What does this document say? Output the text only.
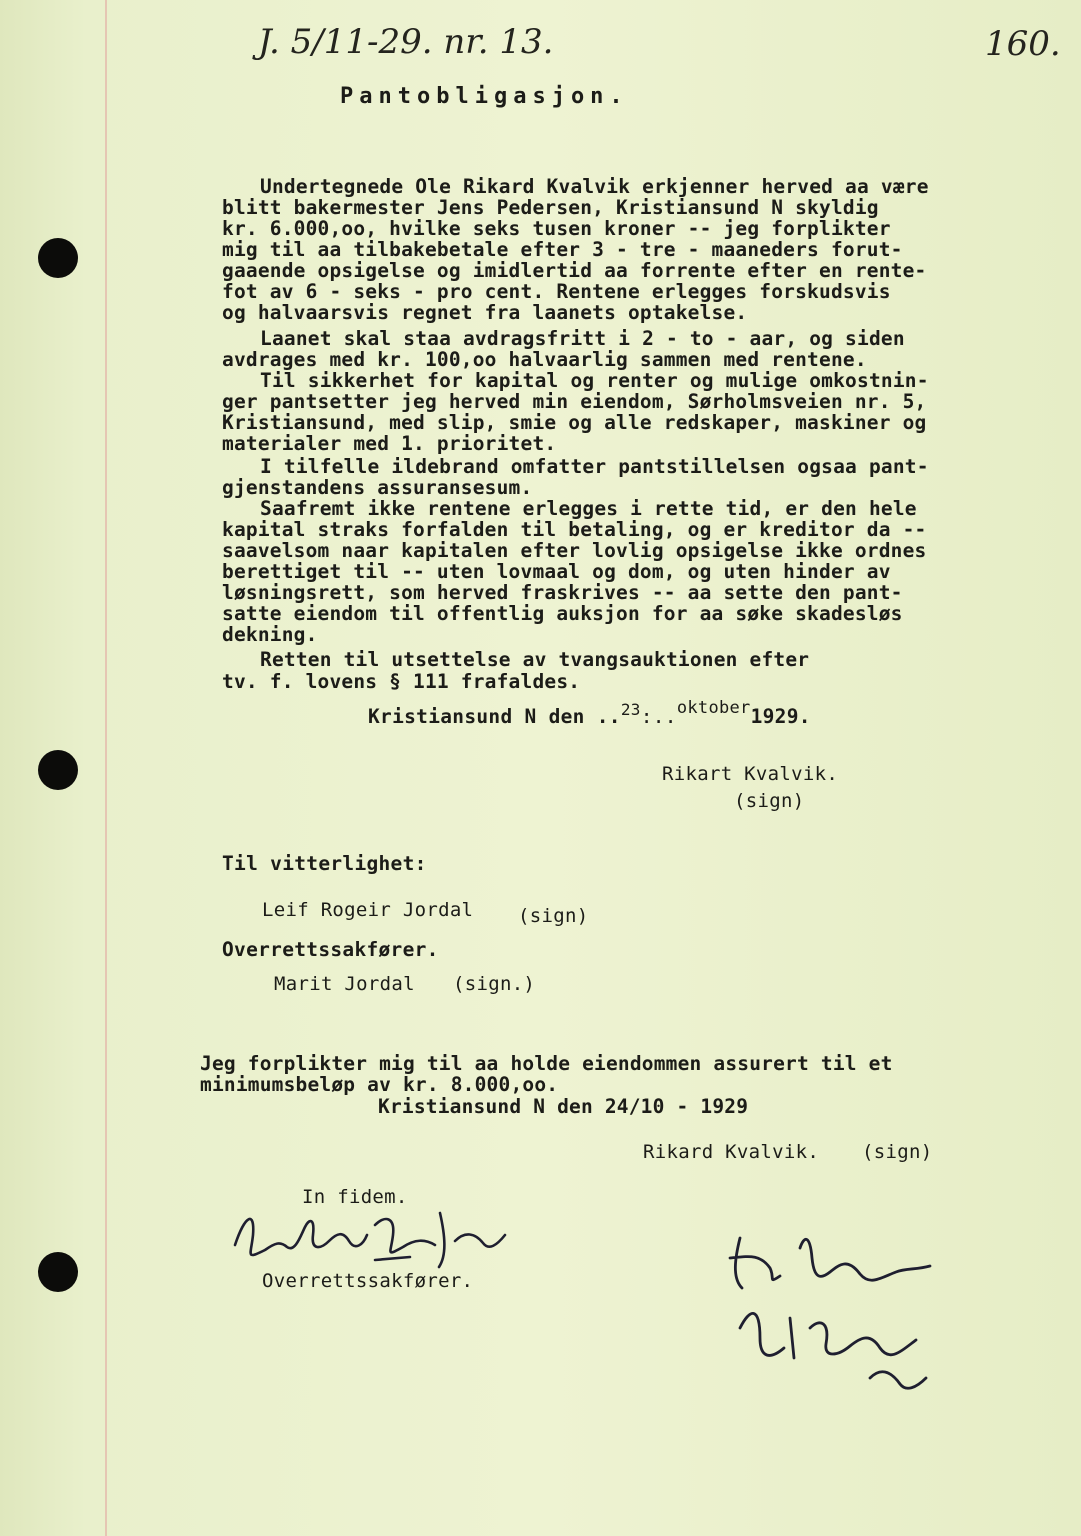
J. 5/11-29. nr. 13.	160.
Pantobligasjon.
Undertegnede Ole Rikard Kvalvik erkjenner herved aa være
blitt bakermester Jens Pedersen, Kristiansund N skyldig
kr. 6.000,oo, hvilke seks tusen kroner -- jeg forplikter
mig til aa tilbakebetale efter 3 - tre - maaneders forut-
gaaende opsigelse og imidlertid aa forrente efter en rente-
fot av 6 - seks - pro cent. Rentene erlegges forskudsvis
og halvaarsvis regnet fra laanets optakelse.
Laanet skal staa avdragsfritt i 2 - to - aar, og siden
avdrages med kr. 100,oo halvaarlig sammen med rentene.
Til sikkerhet for kapital og renter og mulige omkostnin-
ger pantsetter jeg herved min eiendom, Sørholmsveien nr. 5,
Kristiansund, med slip, smie og alle redskaper, maskiner og
materialer med 1. prioritet.
I tilfelle ildebrand omfatter pantstillelsen ogsaa pant-
gjenstandens assuransesum.
Saafremt ikke rentene erlegges i rette tid, er den hele
kapital straks forfalden til betaling, og er kreditor da --
saavelsom naar kapitalen efter lovlig opsigelse ikke ordnes
berettiget til -- uten lovmaal og dom, og uten hinder av
løsningsrett, som herved fraskrives -- aa sette den pant-
satte eiendom til offentlig auksjon for aa søke skadesløs
dekning.
Retten til utsettelse av tvangsauktionen efter
tv. f. lovens § 111 frafaldes.
Kristiansund N den ..$^{23}$:..oktober1929.
Rikart Kvalvik.
(sign)
Til vitterlighet:
Leif Rogeir Jordal (sign)
Overrettssakfører.
Marit Jordal (sign.)
Jeg forplikter mig til aa holde eiendommen assurert til et
minimumsbeløp av kr. 8.000,oo.
Kristiansund N den 24/10 - 1929
Rikard Kvalvik. (sign)
In fidem.
Overrettssakfører.
